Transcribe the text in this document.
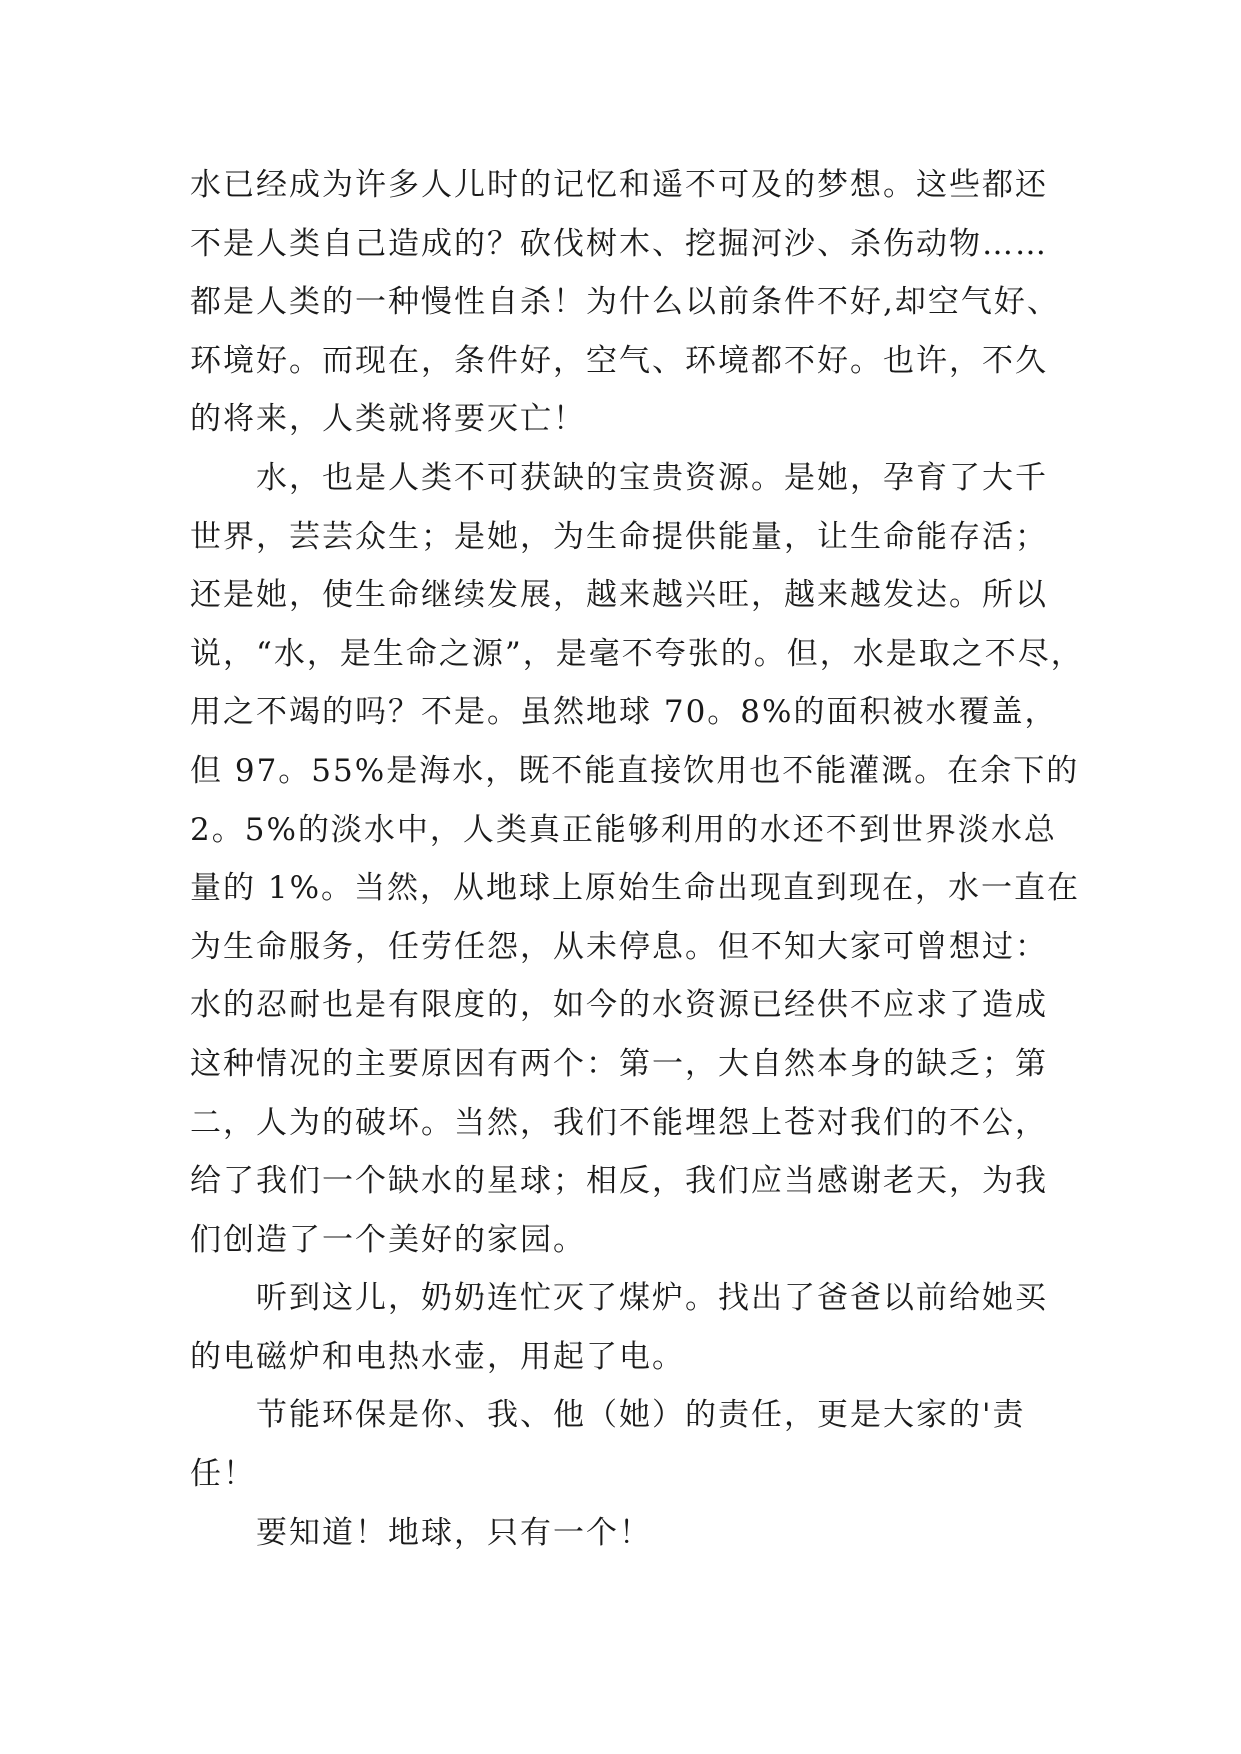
水已经成为许多人儿时的记忆和遥不可及的梦想。这些都还
不是人类自己造成的？砍伐树木、挖掘河沙、杀伤动物……
都是人类的一种慢性自杀！为什么以前条件不好,却空气好、
环境好。而现在，条件好，空气、环境都不好。也许，不久
的将来，人类就将要灭亡！
水，也是人类不可获缺的宝贵资源。是她，孕育了大千
世界，芸芸众生；是她，为生命提供能量，让生命能存活；
还是她，使生命继续发展，越来越兴旺，越来越发达。所以
说，“水，是生命之源”，是毫不夸张的。但，水是取之不尽，
用之不竭的吗？不是。虽然地球 70。8%的面积被水覆盖，
但 97。55%是海水，既不能直接饮用也不能灌溉。在余下的
2。5%的淡水中，人类真正能够利用的水还不到世界淡水总
量的 1%。当然，从地球上原始生命出现直到现在，水一直在
为生命服务，任劳任怨，从未停息。但不知大家可曾想过：
水的忍耐也是有限度的，如今的水资源已经供不应求了造成
这种情况的主要原因有两个：第一，大自然本身的缺乏；第
二，人为的破坏。当然，我们不能埋怨上苍对我们的不公，
给了我们一个缺水的星球；相反，我们应当感谢老天，为我
们创造了一个美好的家园。
听到这儿，奶奶连忙灭了煤炉。找出了爸爸以前给她买
的电磁炉和电热水壶，用起了电。
节能环保是你、我、他（她）的责任，更是大家的'责
任！
要知道！地球，只有一个！
